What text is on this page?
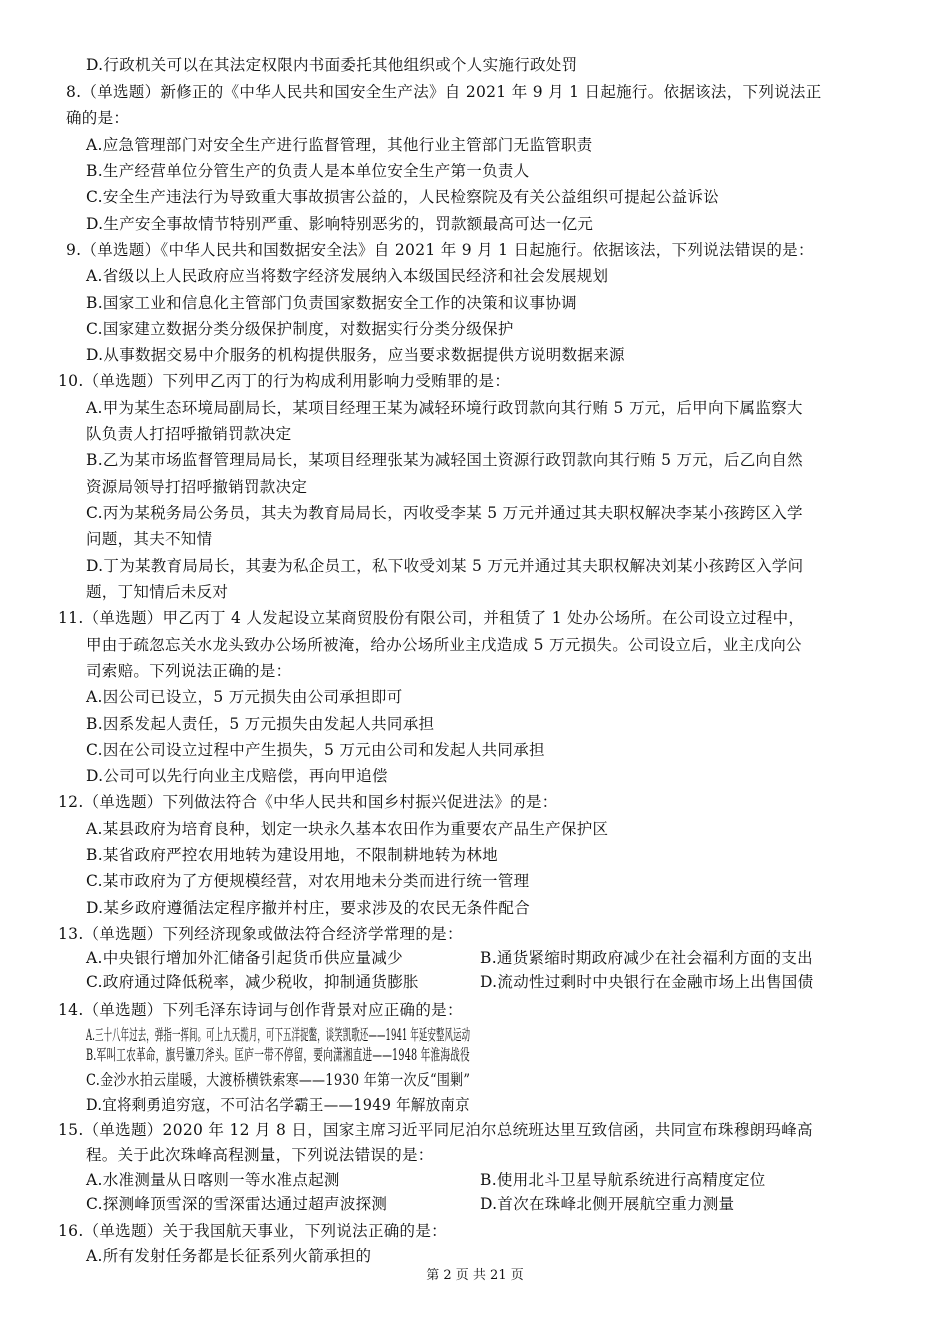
D.行政机关可以在其法定权限内书面委托其他组织或个人实施行政处罚
8.（单选题）新修正的《中华人民共和国安全生产法》自 2021 年 9 月 1 日起施行。依据该法，下列说法正
确的是：
A.应急管理部门对安全生产进行监督管理，其他行业主管部门无监管职责
B.生产经营单位分管生产的负责人是本单位安全生产第一负责人
C.安全生产违法行为导致重大事故损害公益的，人民检察院及有关公益组织可提起公益诉讼
D.生产安全事故情节特别严重、影响特别恶劣的，罚款额最高可达一亿元
9.（单选题）《中华人民共和国数据安全法》自 2021 年 9 月 1 日起施行。依据该法，下列说法错误的是：
A.省级以上人民政府应当将数字经济发展纳入本级国民经济和社会发展规划
B.国家工业和信息化主管部门负责国家数据安全工作的决策和议事协调
C.国家建立数据分类分级保护制度，对数据实行分类分级保护
D.从事数据交易中介服务的机构提供服务，应当要求数据提供方说明数据来源
10.（单选题）下列甲乙丙丁的行为构成利用影响力受贿罪的是：
A.甲为某生态环境局副局长，某项目经理王某为减轻环境行政罚款向其行贿 5 万元，后甲向下属监察大
队负责人打招呼撤销罚款决定
B.乙为某市场监督管理局局长，某项目经理张某为减轻国土资源行政罚款向其行贿 5 万元，后乙向自然
资源局领导打招呼撤销罚款决定
C.丙为某税务局公务员，其夫为教育局局长，丙收受李某 5 万元并通过其夫职权解决李某小孩跨区入学
问题，其夫不知情
D.丁为某教育局局长，其妻为私企员工，私下收受刘某 5 万元并通过其夫职权解决刘某小孩跨区入学问
题，丁知情后未反对
11.（单选题）甲乙丙丁 4 人发起设立某商贸股份有限公司，并租赁了 1 处办公场所。在公司设立过程中，
甲由于疏忽忘关水龙头致办公场所被淹，给办公场所业主戊造成 5 万元损失。公司设立后，业主戊向公
司索赔。下列说法正确的是：
A.因公司已设立，5 万元损失由公司承担即可
B.因系发起人责任，5 万元损失由发起人共同承担
C.因在公司设立过程中产生损失，5 万元由公司和发起人共同承担
D.公司可以先行向业主戊赔偿，再向甲追偿
12.（单选题）下列做法符合《中华人民共和国乡村振兴促进法》的是：
A.某县政府为培育良种，划定一块永久基本农田作为重要农产品生产保护区
B.某省政府严控农用地转为建设用地，不限制耕地转为林地
C.某市政府为了方便规模经营，对农用地未分类而进行统一管理
D.某乡政府遵循法定程序撤并村庄，要求涉及的农民无条件配合
13.（单选题）下列经济现象或做法符合经济学常理的是：
A.中央银行增加外汇储备引起货币供应量减少	B.通货紧缩时期政府减少在社会福利方面的支出
C.政府通过降低税率，减少税收，抑制通货膨胀	D.流动性过剩时中央银行在金融市场上出售国债
14.（单选题）下列毛泽东诗词与创作背景对应正确的是：
A.三十八年过去，弹指一挥间。可上九天揽月，可下五洋捉鳖，谈笑凯歌还——1941 年延安整风运动
B.军叫工农革命，旗号镰刀斧头。匡庐一带不停留，要向潇湘直进——1948 年淮海战役
C.金沙水拍云崖暖，大渡桥横铁索寒——1930 年第一次反“围剿”
D.宜将剩勇追穷寇，不可沽名学霸王——1949 年解放南京
15.（单选题）2020 年 12 月 8 日，国家主席习近平同尼泊尔总统班达里互致信函，共同宣布珠穆朗玛峰高
程。关于此次珠峰高程测量，下列说法错误的是：
A.水准测量从日喀则一等水准点起测	B.使用北斗卫星导航系统进行高精度定位
C.探测峰顶雪深的雪深雷达通过超声波探测	D.首次在珠峰北侧开展航空重力测量
16.（单选题）关于我国航天事业，下列说法正确的是：
A.所有发射任务都是长征系列火箭承担的
第 2 页 共 21 页
